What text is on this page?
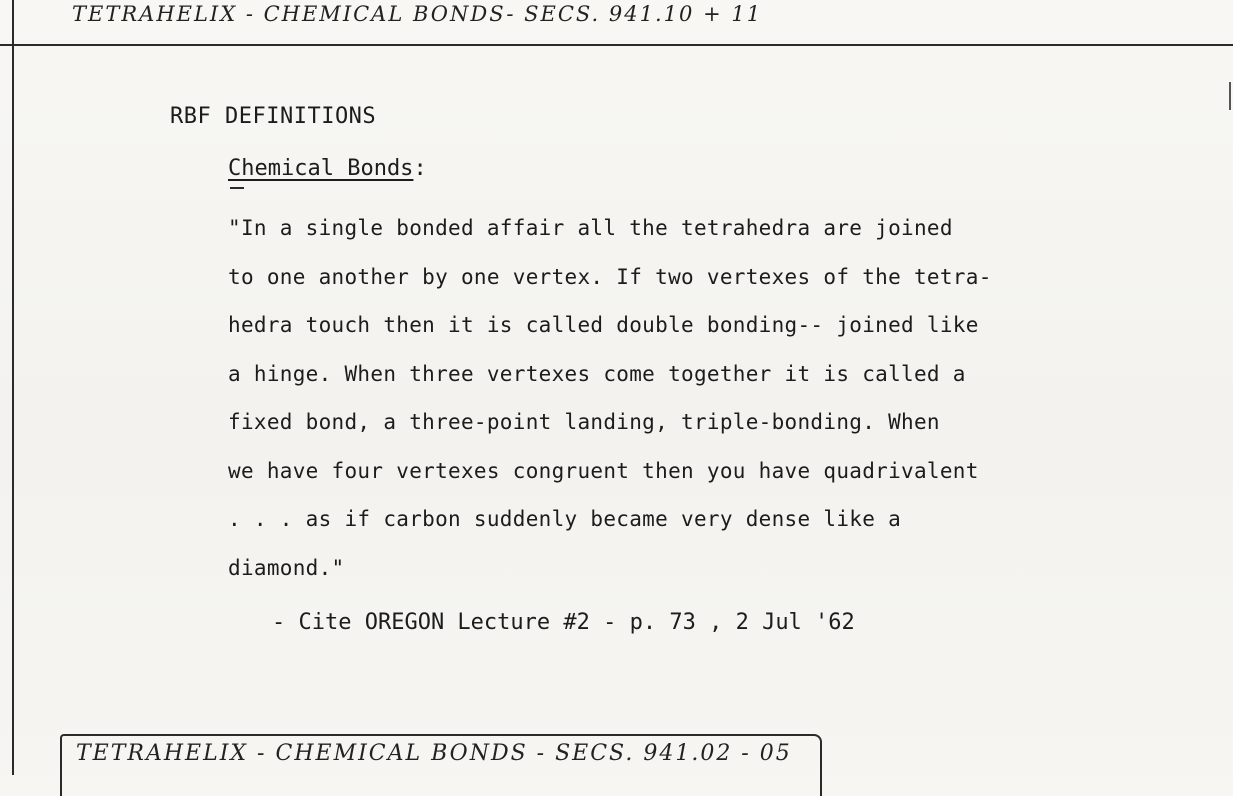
TETRAHELIX - CHEMICAL BONDS- SECS. 941.10 + 11
RBF DEFINITIONS
Chemical Bonds:
"In a single bonded affair all the tetrahedra are joined
to one another by one vertex. If two vertexes of the tetra-
hedra touch then it is called double bonding-- joined like
a hinge. When three vertexes come together it is called a
fixed bond, a three-point landing, triple-bonding. When
we have four vertexes congruent then you have quadrivalent
. . . as if carbon suddenly became very dense like a
diamond."
- Cite OREGON Lecture #2 - p. 73 , 2 Jul '62
TETRAHELIX - CHEMICAL BONDS - SECS. 941.02 - 05
